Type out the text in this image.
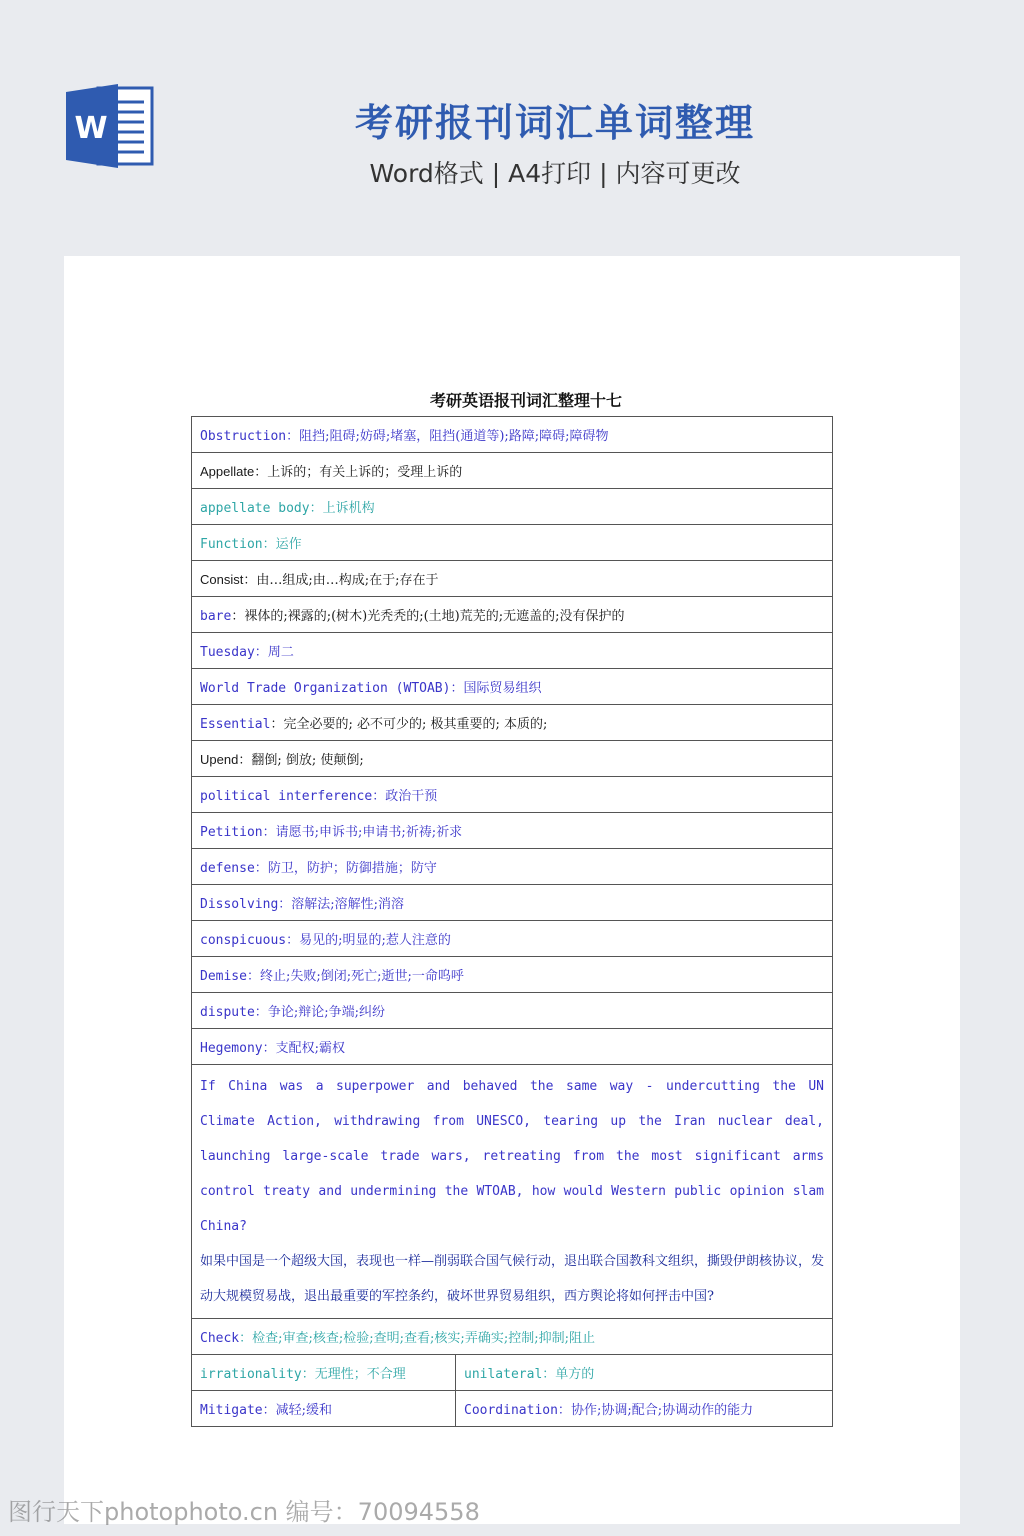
W	考研报刊词汇单词整理
Word格式 | A4打印 | 内容可更改
考研英语报刊词汇整理十七
Obstruction：阻挡;阻碍;妨碍;堵塞，阻挡(通道等);路障;障碍;障碍物	
Appellate：上诉的；有关上诉的；受理上诉的	
appellate body：上诉机构	
Function：运作	
Consist：由…组成;由…构成;在于;存在于	
bare：裸体的;裸露的;(树木)光秃秃的;(土地)荒芜的;无遮盖的;没有保护的	
Tuesday：周二	
World Trade Organization (WTOAB)：国际贸易组织	
Essential：完全必要的; 必不可少的; 极其重要的; 本质的;	
Upend：翻倒; 倒放; 使颠倒;	
political interference：政治干预	
Petition：请愿书;申诉书;申请书;祈祷;祈求	
defense：防卫，防护；防御措施；防守	
Dissolving：溶解法;溶解性;消溶	
conspicuous：易见的;明显的;惹人注意的	
Demise：终止;失败;倒闭;死亡;逝世;一命呜呼	
dispute：争论;辩论;争端;纠纷	
Hegemony：支配权;霸权	
If China was a superpower and behaved the same way - undercutting the UN Climate Action, withdrawing from UNESCO, tearing up the Iran nuclear deal, launching large-scale trade wars, retreating from the most significant arms control treaty and undermining the WTOAB, how would Western public opinion slam China?
如果中国是一个超级大国，表现也一样—削弱联合国气候行动，退出联合国教科文组织，撕毁伊朗核协议，发动大规模贸易战，退出最重要的军控条约，破坏世界贸易组织，西方舆论将如何抨击中国?	

Check：检查;审查;核查;检验;查明;查看;核实;弄确实;控制;抑制;阻止	
irrationality：无理性；不合理	unilateral：单方的
Mitigate：减轻;缓和	Coordination：协作;协调;配合;协调动作的能力
图行天下photophoto.cn 编号：70094558
